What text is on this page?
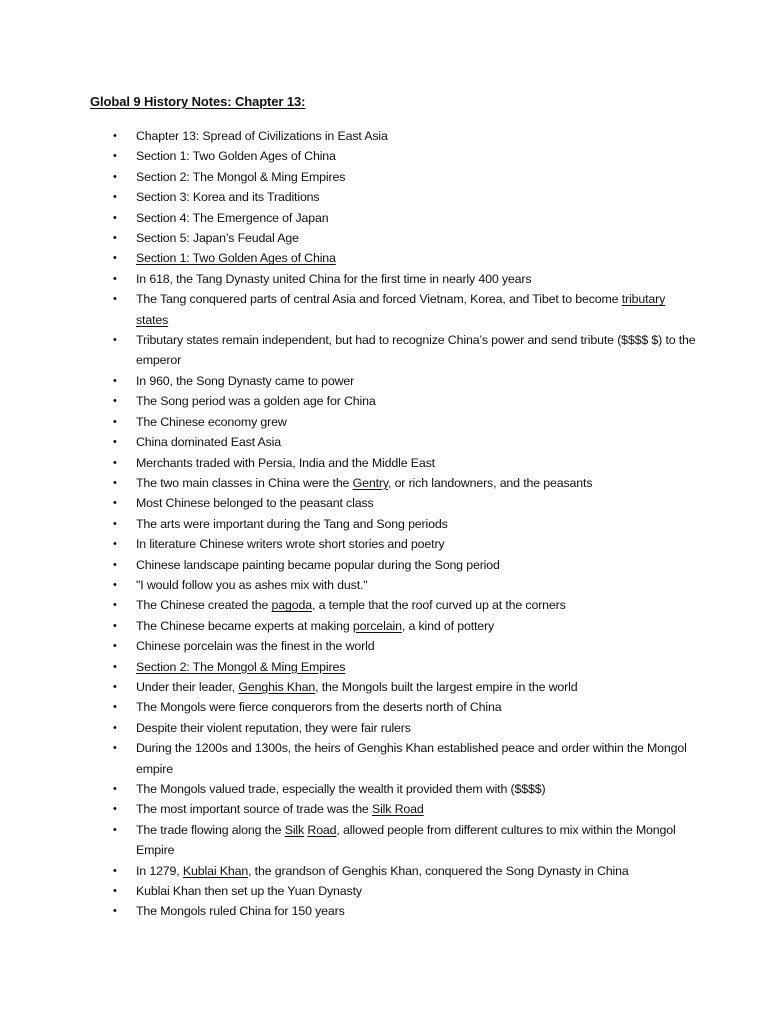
Global 9 History Notes: Chapter 13:
• Chapter 13: Spread of Civilizations in East Asia
• Section 1: Two Golden Ages of China
• Section 2: The Mongol & Ming Empires
• Section 3: Korea and its Traditions
• Section 4: The Emergence of Japan
• Section 5: Japan’s Feudal Age
• Section 1: Two Golden Ages of China
• In 618, the Tang Dynasty united China for the first time in nearly 400 years
• The Tang conquered parts of central Asia and forced Vietnam, Korea, and Tibet to become tributary states
• Tributary states remain independent, but had to recognize China’s power and send tribute ($$$$ $) to the emperor
• In 960, the Song Dynasty came to power
• The Song period was a golden age for China
• The Chinese economy grew
• China dominated East Asia
• Merchants traded with Persia, India and the Middle East
• The two main classes in China were the Gentry, or rich landowners, and the peasants
• Most Chinese belonged to the peasant class
• The arts were important during the Tang and Song periods
• In literature Chinese writers wrote short stories and poetry
• Chinese landscape painting became popular during the Song period
• "I would follow you as ashes mix with dust."
• The Chinese created the pagoda, a temple that the roof curved up at the corners
• The Chinese became experts at making porcelain, a kind of pottery
• Chinese porcelain was the finest in the world
• Section 2: The Mongol & Ming Empires
• Under their leader, Genghis Khan, the Mongols built the largest empire in the world
• The Mongols were fierce conquerors from the deserts north of China
• Despite their violent reputation, they were fair rulers
• During the 1200s and 1300s, the heirs of Genghis Khan established peace and order within the Mongol empire
• The Mongols valued trade, especially the wealth it provided them with ($$$$)
• The most important source of trade was the Silk Road
• The trade flowing along the Silk Road, allowed people from different cultures to mix within the Mongol Empire
• In 1279, Kublai Khan, the grandson of Genghis Khan, conquered the Song Dynasty in China
• Kublai Khan then set up the Yuan Dynasty
• The Mongols ruled China for 150 years
